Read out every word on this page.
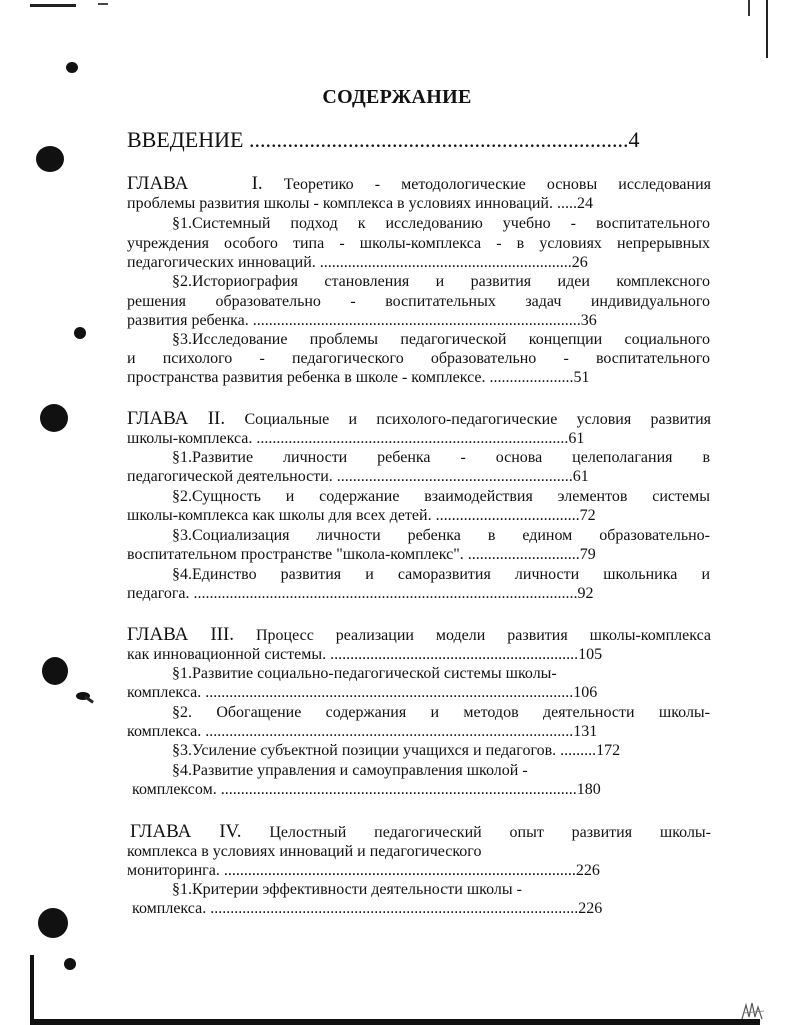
СОДЕРЖАНИЕ
ВВЕДЕНИЕ .....................................................................4
ГЛАВА	I. Теоретико - методологические основы исследования
проблемы развития школы - комплекса в условиях инноваций. .....24
§1.Системный подход к исследованию учебно - воспитательного
учреждения особого типа - школы-комплекса - в условиях непрерывных
педагогических инноваций. ...............................................................26
§2.Историография становления и развития идеи комплексного
решения образовательно - воспитательных задач индивидуального
развития ребенка. ..................................................................................36
§3.Исследование проблемы педагогической концепции социального
и психолого - педагогического образовательно - воспитательного
пространства развития ребенка в школе - комплексе. .....................51
ГЛАВА II. Социальные и психолого-педагогические условия развития
школы-комплекса. ..............................................................................61
§1.Развитие личности ребенка - основа целеполагания в
педагогической деятельности. ...........................................................61
§2.Сущность и содержание взаимодействия элементов системы
школы-комплекса как школы для всех детей. ....................................72
§3.Социализация личности ребенка в едином образовательно-
воспитательном пространстве "школа-комплекс". ............................79
§4.Единство развития и саморазвития личности школьника и
педагога. ................................................................................................92
ГЛАВА III. Процесс реализации модели развития школы-комплекса
как инновационной системы. ..............................................................105
§1.Развитие социально-педагогической системы школы-
комплекса. ............................................................................................106
§2. Обогащение содержания и методов деятельности школы-
комплекса. ............................................................................................131
§3.Усиление субъектной позиции учащихся и педагогов. .........172
§4.Развитие управления и самоуправления школой -
комплексом. .........................................................................................180
ГЛАВА IV. Целостный педагогический опыт развития школы-
комплекса в условиях инноваций и педагогического
мониторинга. ........................................................................................226
§1.Критерии эффективности деятельности школы -
комплекса. ............................................................................................226
